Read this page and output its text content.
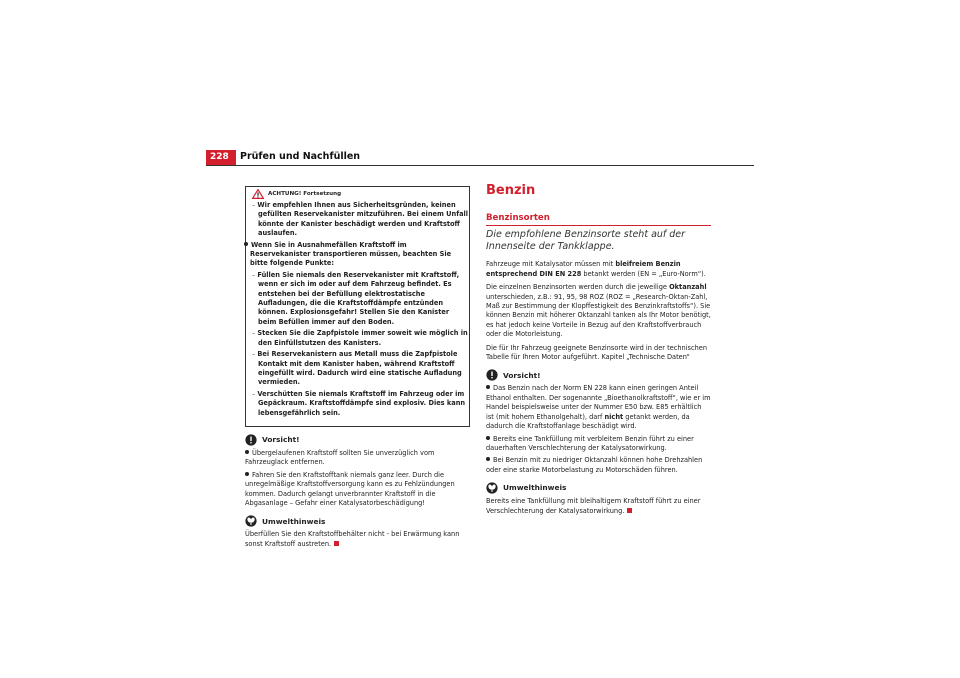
228	Prüfen und Nachfüllen
ACHTUNG! Fortsetzung
– Wir empfehlen Ihnen aus Sicherheitsgründen, keinen gefüllten Reservekanister mitzuführen. Bei einem Unfall könnte der Kanister beschädigt werden und Kraftstoff auslaufen.
Wenn Sie in Ausnahmefällen Kraftstoff im Reservekanister transportieren müssen, beachten Sie bitte folgende Punkte:
– Füllen Sie niemals den Reservekanister mit Kraftstoff, wenn er sich im oder auf dem Fahrzeug befindet. Es entstehen bei der Befüllung elektrostatische Aufladungen, die die Kraftstoffdämpfe entzünden können. Explosionsgefahr! Stellen Sie den Kanister beim Befüllen immer auf den Boden.
– Stecken Sie die Zapfpistole immer soweit wie möglich in den Einfüllstutzen des Kanisters.
– Bei Reservekanistern aus Metall muss die Zapfpistole Kontakt mit dem Kanister haben, während Kraftstoff eingefüllt wird. Dadurch wird eine statische Aufladung vermieden.
– Verschütten Sie niemals Kraftstoff im Fahrzeug oder im Gepäckraum. Kraftstoffdämpfe sind explosiv. Dies kann lebensgefährlich sein.
Vorsicht!
Übergelaufenen Kraftstoff sollten Sie unverzüglich vom Fahrzeuglack entfernen.
Fahren Sie den Kraftstofftank niemals ganz leer. Durch die unregelmäßige Kraftstoffversorgung kann es zu Fehlzündungen kommen. Dadurch gelangt unverbrannter Kraftstoff in die Abgasanlage – Gefahr einer Katalysatorbeschädigung!
Umwelthinweis

Überfüllen Sie den Kraftstoffbehälter nicht - bei Erwärmung kann sonst Kraftstoff austreten.

Benzin
Benzinsorten
Die empfohlene Benzinsorte steht auf der Innenseite der Tankklappe.

Fahrzeuge mit Katalysator müssen mit bleifreiem Benzin entsprechend DIN EN 228 betankt werden (EN = „Euro-Norm“).

Die einzelnen Benzinsorten werden durch die jeweilige Oktanzahl unterschieden, z.B.: 91, 95, 98 ROZ (ROZ = „Research-Oktan-Zahl, Maß zur Bestimmung der Klopffestigkeit des Benzinkraftstoffs“). Sie können Benzin mit höherer Oktanzahl tanken als Ihr Motor benötigt, es hat jedoch keine Vorteile in Bezug auf den Kraftstoffverbrauch oder die Motorleistung.

Die für Ihr Fahrzeug geeignete Benzinsorte wird in der technischen Tabelle für Ihren Motor aufgeführt. Kapitel „Technische Daten“

Vorsicht!
Das Benzin nach der Norm EN 228 kann einen geringen Anteil Ethanol enthalten. Der sogenannte „Bioethanolkraftstoff“, wie er im Handel beispielsweise unter der Nummer E50 bzw. E85 erhältlich ist (mit hohem Ethanolgehalt), darf nicht getankt werden, da dadurch die Kraftstoffanlage beschädigt wird.
Bereits eine Tankfüllung mit verbleitem Benzin führt zu einer dauerhaften Verschlechterung der Katalysatorwirkung.
Bei Benzin mit zu niedriger Oktanzahl können hohe Drehzahlen oder eine starke Motorbelastung zu Motorschäden führen.
Umwelthinweis

Bereits eine Tankfüllung mit bleihaltigem Kraftstoff führt zu einer Verschlechterung der Katalysatorwirkung.
